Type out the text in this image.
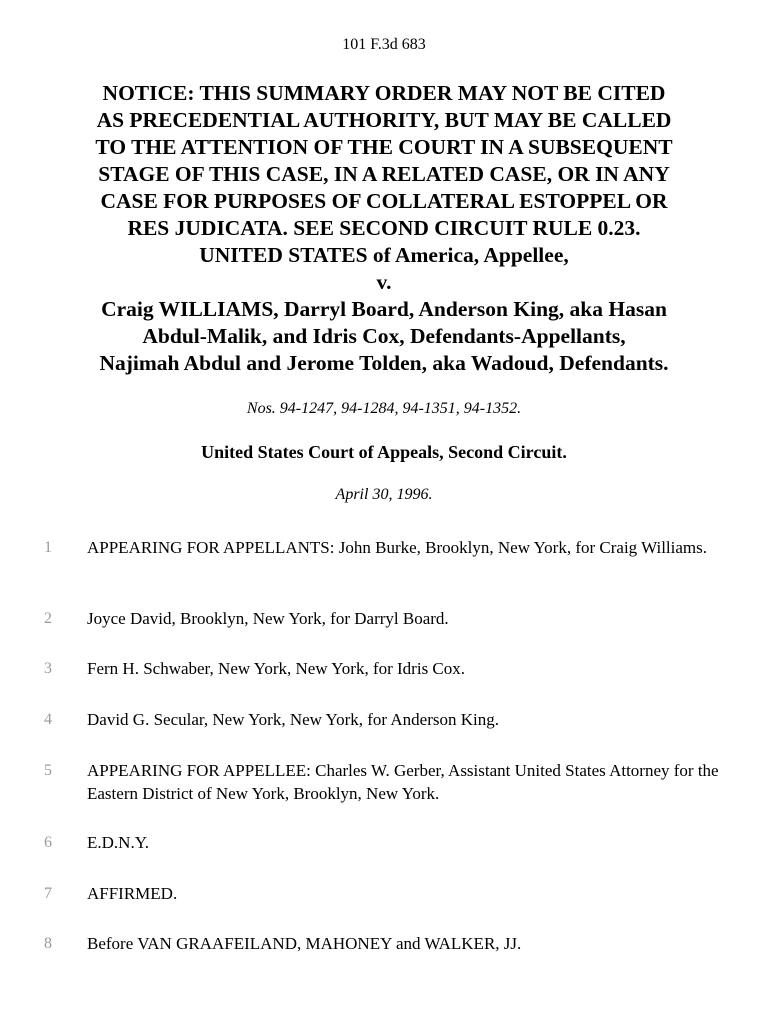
101 F.3d 683
NOTICE: THIS SUMMARY ORDER MAY NOT BE CITED
AS PRECEDENTIAL AUTHORITY, BUT MAY BE CALLED
TO THE ATTENTION OF THE COURT IN A SUBSEQUENT
STAGE OF THIS CASE, IN A RELATED CASE, OR IN ANY
CASE FOR PURPOSES OF COLLATERAL ESTOPPEL OR
RES JUDICATA. SEE SECOND CIRCUIT RULE 0.23.
UNITED STATES of America, Appellee,
v.
Craig WILLIAMS, Darryl Board, Anderson King, aka Hasan
Abdul-Malik, and Idris Cox, Defendants-Appellants,
Najimah Abdul and Jerome Tolden, aka Wadoud, Defendants.
Nos. 94-1247, 94-1284, 94-1351, 94-1352.
United States Court of Appeals, Second Circuit.
April 30, 1996.
1	APPEARING FOR APPELLANTS: John Burke, Brooklyn, New York, for Craig Williams.
2	Joyce David, Brooklyn, New York, for Darryl Board.
3	Fern H. Schwaber, New York, New York, for Idris Cox.
4	David G. Secular, New York, New York, for Anderson King.
5	APPEARING FOR APPELLEE: Charles W. Gerber, Assistant United States Attorney for the Eastern District of New York, Brooklyn, New York.
6	E.D.N.Y.
7	AFFIRMED.
8	Before VAN GRAAFEILAND, MAHONEY and WALKER, JJ.
